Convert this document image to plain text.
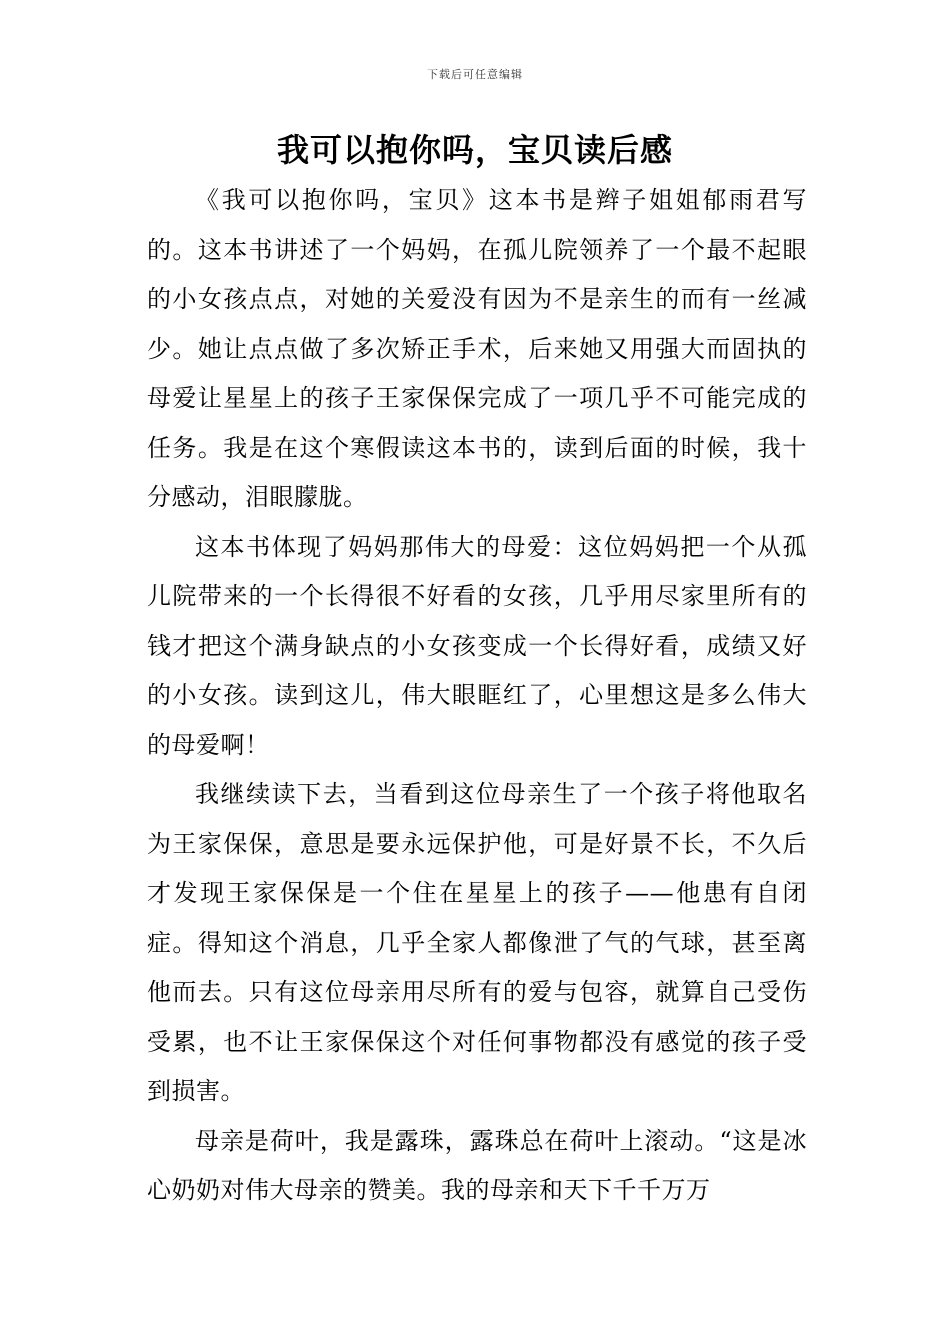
下载后可任意编辑
我可以抱你吗，宝贝读后感

《我可以抱你吗，宝贝》这本书是辫子姐姐郁雨君写的。这本书讲述了一个妈妈，在孤儿院领养了一个最不起眼的小女孩点点，对她的关爱没有因为不是亲生的而有一丝减少。她让点点做了多次矫正手术，后来她又用强大而固执的母爱让星星上的孩子王家保保完成了一项几乎不可能完成的任务。我是在这个寒假读这本书的，读到后面的时候，我十分感动，泪眼朦胧。

这本书体现了妈妈那伟大的母爱：这位妈妈把一个从孤儿院带来的一个长得很不好看的女孩，几乎用尽家里所有的钱才把这个满身缺点的小女孩变成一个长得好看，成绩又好的小女孩。读到这儿，伟大眼眶红了，心里想这是多么伟大的母爱啊！

我继续读下去，当看到这位母亲生了一个孩子将他取名为王家保保，意思是要永远保护他，可是好景不长，不久后才发现王家保保是一个住在星星上的孩子——他患有自闭症。得知这个消息，几乎全家人都像泄了气的气球，甚至离他而去。只有这位母亲用尽所有的爱与包容，就算自己受伤受累，也不让王家保保这个对任何事物都没有感觉的孩子受到损害。

母亲是荷叶，我是露珠，露珠总在荷叶上滚动。“这是冰心奶奶对伟大母亲的赞美。我的母亲和天下千千万万
